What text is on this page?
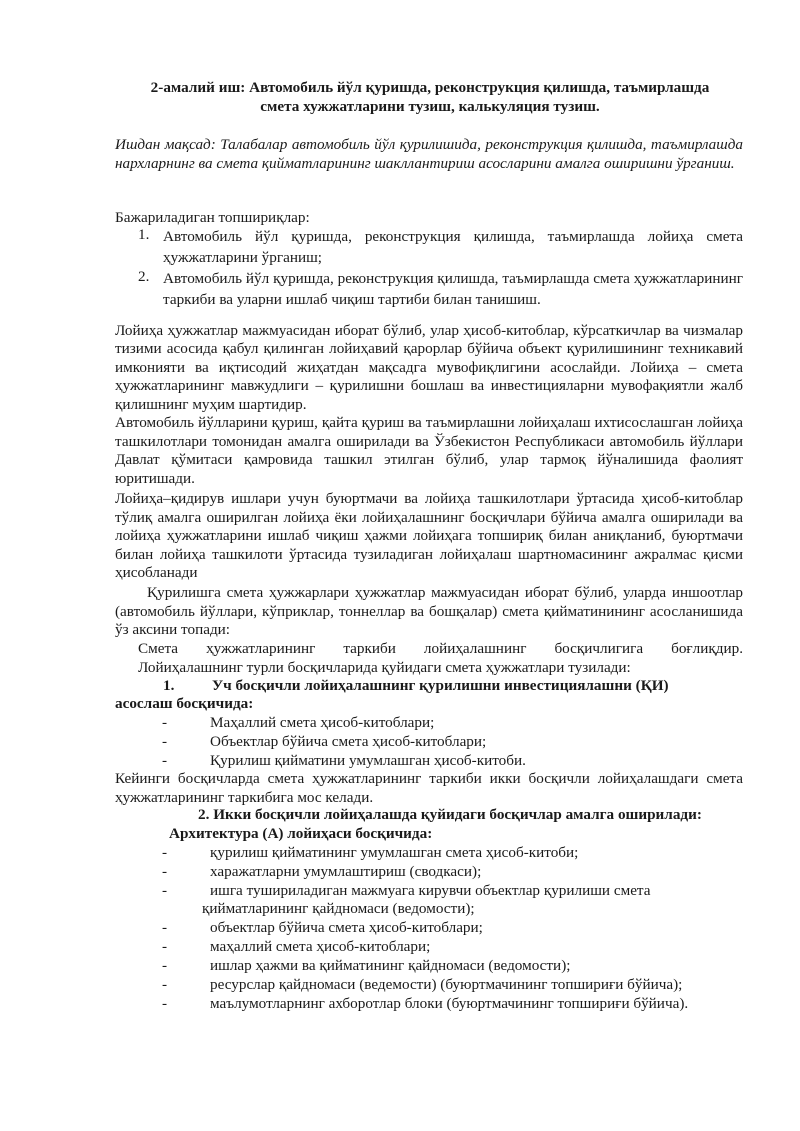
2-амалий иш: Автомобиль йўл қуришда, реконструкция қилишда, таъмирлашда
смета хужжатларини тузиш, калькуляция тузиш.
Ишдан мақсад: Талабалар автомобиль йўл қурилишида, реконструкция қилишда, таъмирлашда нархларнинг ва смета қийматларининг шакллантириш асосларини амалга оширишни ўрганиш.
Бажариладиган топшириқлар:
1. Автомобиль йўл қуришда, реконструкция қилишда, таъмирлашда лойиҳа смета ҳужжатларини ўрганиш;
2. Автомобиль йўл қуришда, реконструкция қилишда, таъмирлашда смета ҳужжатларининг таркиби ва уларни ишлаб чиқиш тартиби билан танишиш.
Лойиҳа ҳужжатлар мажмуасидан иборат бўлиб, улар ҳисоб-китоблар, кўрсаткичлар ва чизмалар тизими асосида қабул қилинган лойиҳавий қарорлар бўйича объект қурилишининг техникавий имконияти ва иқтисодий жиҳатдан мақсадга мувофиқлигини асослайди. Лойиҳа – смета ҳужжатларининг мавжудлиги – қурилишни бошлаш ва инвестицияларни мувофақиятли жалб қилишнинг муҳим шартидир.
Автомобиль йўлларини қуриш, қайта қуриш ва таъмирлашни лойиҳалаш ихтисослашган лойиҳа ташкилотлари томонидан амалга оширилади ва Ўзбекистон Республикаси автомобиль йўллари Давлат қўмитаси қамровида ташкил этилган бўлиб, улар тармоқ йўналишида фаолият юритишади.
Лойиҳа–қидирув ишлари учун буюртмачи ва лойиҳа ташкилотлари ўртасида ҳисоб-китоблар тўлиқ амалга оширилган лойиҳа ёки лойиҳалашнинг босқичлари бўйича амалга оширилади ва лойиҳа ҳужжатларини ишлаб чиқиш ҳажми лойиҳага топшириқ билан аниқланиб, буюртмачи билан лойиҳа ташкилоти ўртасида тузиладиган лойиҳалаш шартномасининг ажралмас қисми ҳисобланади
Қурилишга смета ҳужжарлари ҳужжатлар мажмуасидан иборат бўлиб, уларда иншоотлар (автомобиль йўллари, кўприклар, тоннеллар ва бошқалар) смета қийматинининг асосланишида ўз аксини топади:
Смета ҳужжатларининг таркиби лойиҳалашнинг босқичлигига боғлиқдир.
Лойиҳалашнинг турли босқичларида қуйидаги смета ҳужжатлари тузилади:
1. Уч босқичли лойиҳалашнинг қурилишни инвестициялашни (ҚИ)
асослаш босқичида:
-	Маҳаллий смета ҳисоб-китоблари;
-	Объектлар бўйича смета ҳисоб-китоблари;
-	Қурилиш қийматини умумлашган ҳисоб-китоби.
Кейинги босқичларда смета ҳужжатларининг таркиби икки босқичли лойиҳалашдаги смета ҳужжатларининг таркибига мос келади.
2. Икки босқичли лойиҳалашда қуйидаги босқичлар амалга оширилади:
Архитектура (А) лойиҳаси босқичида:
-	қурилиш қийматининг умумлашган смета ҳисоб-китоби;
-	харажатларни умумлаштириш (сводкаси);
-	ишга тушириладиган мажмуага кирувчи объектлар қурилиши смета
қийматларининг қайдномаси (ведомости);
-	объектлар бўйича смета ҳисоб-китоблари;
-	маҳаллий смета ҳисоб-китоблари;
-	ишлар ҳажми ва қийматининг қайдномаси (ведомости);
-	ресурслар қайдномаси (ведемости) (буюртмачининг топшириғи бўйича);
-	маълумотларнинг ахборотлар блоки (буюртмачининг топшириғи бўйича).
